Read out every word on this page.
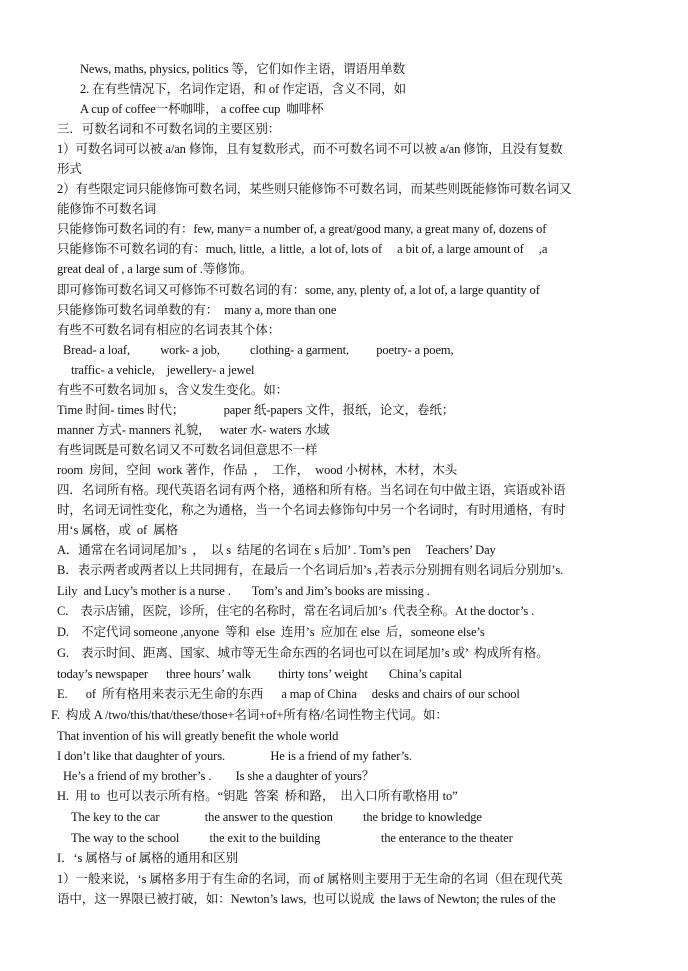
News, maths, physics, politics 等，它们如作主语，谓语用单数
2. 在有些情况下，名词作定语，和 of 作定语，含义不同，如
A cup of coffee一杯咖啡， a coffee cup  咖啡杯
三．可数名词和不可数名词的主要区别：
1）可数名词可以被 a/an 修饰，且有复数形式，而不可数名词不可以被 a/an 修饰，且没有复数
形式
2）有些限定词只能修饰可数名词，某些则只能修饰不可数名词，而某些则既能修饰可数名词又
能修饰不可数名词
只能修饰可数名词的有：few, many= a number of, a great/good many, a great many of, dozens of
只能修饰不可数名词的有：much, little,  a little,  a lot of, lots of     a bit of, a large amount of     ,a
great deal of , a large sum of .等修饰。
即可修饰可数名词又可修饰不可数名词的有：some, any, plenty of, a lot of, a large quantity of
只能修饰可数名词单数的有：  many a, more than one
有些不可数名词有相应的名词表其个体：
Bread- a loaf,          work- a job,          clothing- a garment,         poetry- a poem,
traffic- a vehicle,    jewellery- a jewel
有些不可数名词加 s，含义发生变化。如：
Time 时间- times 时代；             paper 纸-papers 文件，报纸，论文，卷纸；
manner 方式- manners 礼貌，   water 水- waters 水域
有些词既是可数名词又不可数名词但意思不一样
room  房间，空间  work 著作，作品  ，  工作，  wood 小树林，木材，木头
四．名词所有格。现代英语名词有两个格，通格和所有格。当名词在句中做主语，宾语或补语
时，名词无词性变化，称之为通格，当一个名词去修饰句中另一个名词时，有时用通格，有时
用‘s 属格，或  of  属格
A．通常在名词词尾加’s  ，  以 s  结尾的名词在 s 后加’ . Tom’s pen     Teachers’ Day
B．表示两者或两者以上共同拥有，在最后一个名词后加’s ,若表示分别拥有则名词后分别加’s.
Lily  and Lucy’s mother is a nurse .       Tom’s and Jim’s books are missing .
C.    表示店铺，医院，诊所，住宅的名称时，常在名词后加’s  代表全称。At the doctor’s .
D.    不定代词 someone ,anyone  等和  else  连用’s  应加在 else  后，someone else’s
G.    表示时间、距离、国家、城市等无生命东西的名词也可以在词尾加’s 或’  构成所有格。
today’s newspaper      three hours’ walk         thirty tons’ weight       China’s capital
E.      of  所有格用来表示无生命的东西      a map of China     desks and chairs of our school
F.  构成 A /two/this/that/these/those+名词+of+所有格/名词性物主代词。如：
That invention of his will greatly benefit the whole world
I don’t like that daughter of yours.               He is a friend of my father’s.
He’s a friend of my brother’s .        Is she a daughter of yours？
H.  用 to  也可以表示所有格。“钥匙  答案  桥和路，  出入口所有歌格用 to”
The key to the car               the answer to the question          the bridge to knowledge
The way to the school          the exit to the building                    the enterance to the theater
I．‘s 属格与 of 属格的通用和区别
1）一般来说，‘s 属格多用于有生命的名词，而 of 属格则主要用于无生命的名词（但在现代英
语中，这一界限已被打破，如：Newton’s laws,  也可以说成  the laws of Newton; the rules of the
